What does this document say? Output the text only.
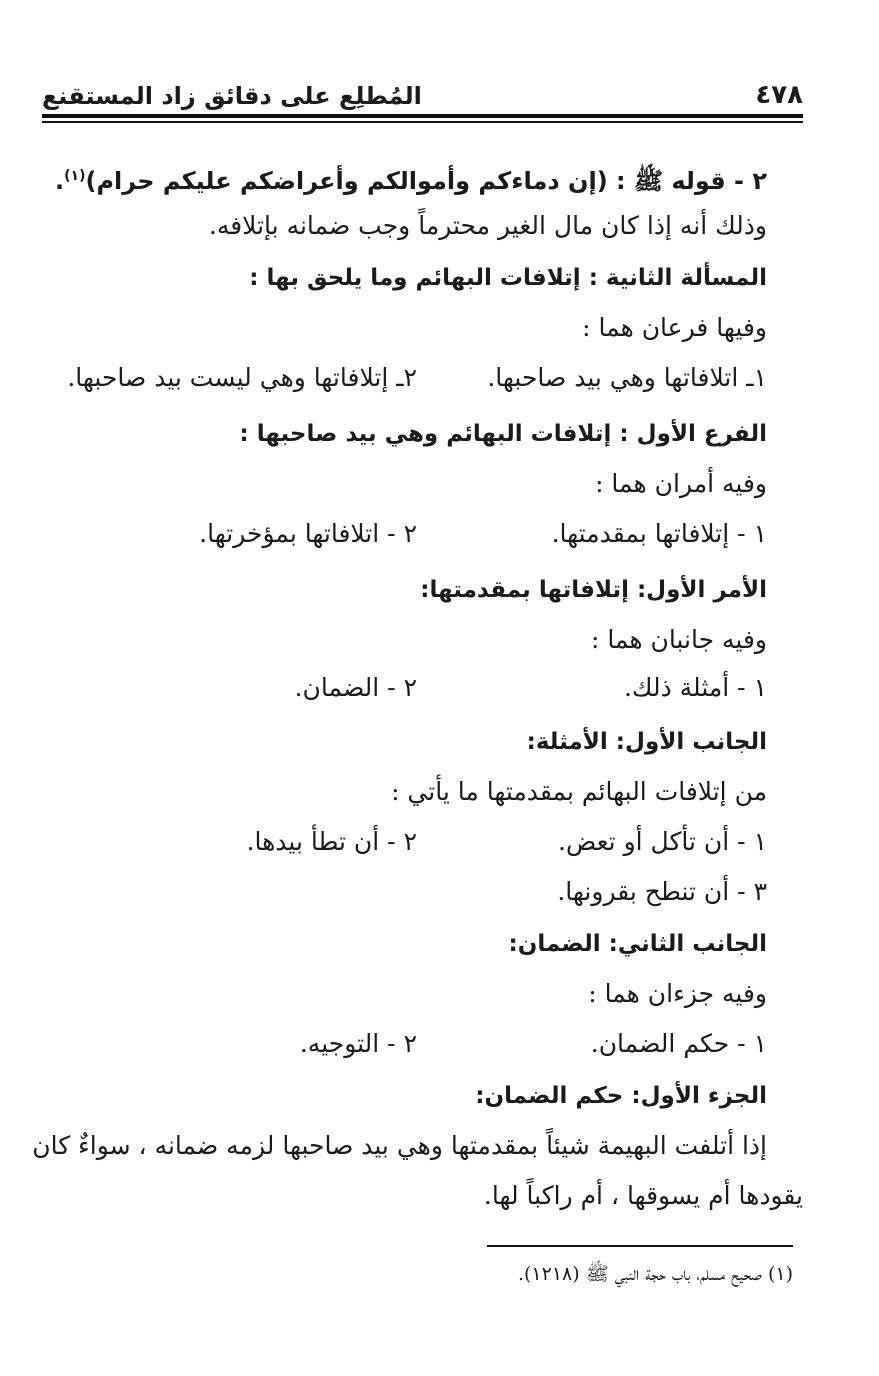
٤٧٨
المُطلِع على دقائق زاد المستقنع
٢ - قوله ﷺ : (إن دماءكم وأموالكم وأعراضكم عليكم حرام)$^{(١)}$.
وذلك أنه إذا كان مال الغير محترماً وجب ضمانه بإتلافه.
المسألة الثانية : إتلافات البهائم وما يلحق بها :
وفيها فرعان هما :
١ـ اتلافاتها وهي بيد صاحبها.
٢ـ إتلافاتها وهي ليست بيد صاحبها.
الفرع الأول : إتلافات البهائم وهي بيد صاحبها :
وفيه أمران هما :
١ - إتلافاتها بمقدمتها.
٢ - اتلافاتها بمؤخرتها.
الأمر الأول: إتلافاتها بمقدمتها:
وفيه جانبان هما :
١ - أمثلة ذلك.
٢ - الضمان.
الجانب الأول: الأمثلة:
من إتلافات البهائم بمقدمتها ما يأتي :
١ - أن تأكل أو تعض.
٢ - أن تطأ بيدها.
٣ - أن تنطح بقرونها.
الجانب الثاني: الضمان:
وفيه جزءان هما :
١ - حكم الضمان.
٢ - التوجيه.
الجزء الأول: حكم الضمان:
إذا أتلفت البهيمة شيئاً بمقدمتها وهي بيد صاحبها لزمه ضمانه ، سواءٌ كان
يقودها أم يسوقها ، أم راكباً لها.
(١) صحيح مسلم، باب حجة النبي ﷺ (١٢١٨).
